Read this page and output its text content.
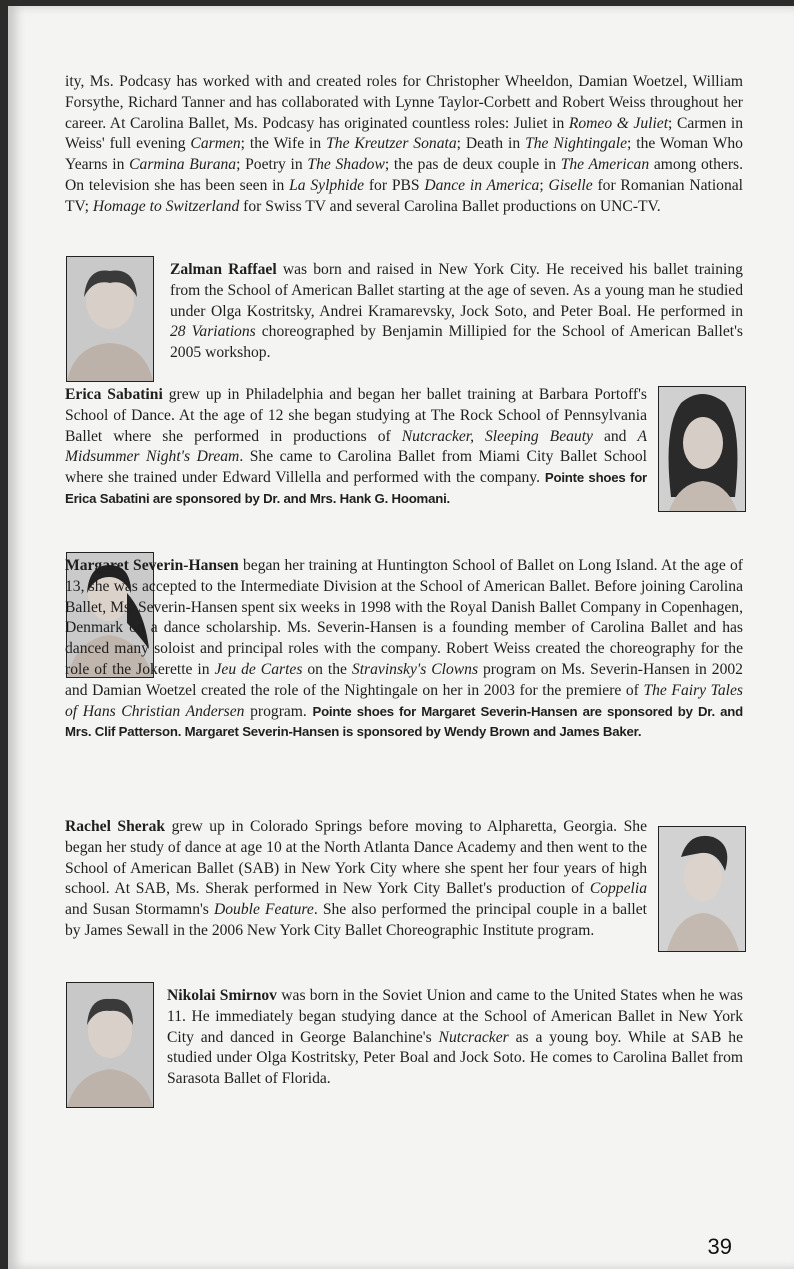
ity, Ms. Podcasy has worked with and created roles for Christopher Wheeldon, Damian Woetzel, William Forsythe, Richard Tanner and has collaborated with Lynne Taylor-Corbett and Robert Weiss throughout her career. At Carolina Ballet, Ms. Podcasy has originated countless roles: Juliet in Romeo & Juliet; Carmen in Weiss' full evening Carmen; the Wife in The Kreutzer Sonata; Death in The Nightingale; the Woman Who Yearns in Carmina Burana; Poetry in The Shadow; the pas de deux couple in The American among others. On television she has been seen in La Sylphide for PBS Dance in America; Giselle for Romanian National TV; Homage to Switzerland for Swiss TV and several Carolina Ballet productions on UNC-TV.

Zalman Raffael was born and raised in New York City. He received his ballet training from the School of American Ballet starting at the age of seven. As a young man he studied under Olga Kostritsky, Andrei Kramarevsky, Jock Soto, and Peter Boal. He performed in 28 Variations choreographed by Benjamin Millipied for the School of American Ballet's 2005 workshop.

Erica Sabatini grew up in Philadelphia and began her ballet training at Barbara Portoff's School of Dance. At the age of 12 she began studying at The Rock School of Pennsylvania Ballet where she performed in productions of Nutcracker, Sleeping Beauty and A Midsummer Night's Dream. She came to Carolina Ballet from Miami City Ballet School where she trained under Edward Villella and performed with the company. Pointe shoes for Erica Sabatini are sponsored by Dr. and Mrs. Hank G. Hoomani.

Margaret Severin-Hansen began her training at Huntington School of Ballet on Long Island. At the age of 13, she was accepted to the Intermediate Division at the School of American Ballet. Before joining Carolina Ballet, Ms. Severin-Hansen spent six weeks in 1998 with the Royal Danish Ballet Company in Copenhagen, Denmark on a dance scholarship. Ms. Severin-Hansen is a founding member of Carolina Ballet and has danced many soloist and principal roles with the company. Robert Weiss created the choreography for the role of the Jokerette in Jeu de Cartes on the Stravinsky's Clowns program on Ms. Severin-Hansen in 2002 and Damian Woetzel created the role of the Nightingale on her in 2003 for the premiere of The Fairy Tales of Hans Christian Andersen program. Pointe shoes for Margaret Severin-Hansen are sponsored by Dr. and Mrs. Clif Patterson. Margaret Severin-Hansen is sponsored by Wendy Brown and James Baker.

Rachel Sherak grew up in Colorado Springs before moving to Alpharetta, Georgia. She began her study of dance at age 10 at the North Atlanta Dance Academy and then went to the School of American Ballet (SAB) in New York City where she spent her four years of high school. At SAB, Ms. Sherak performed in New York City Ballet's production of Coppelia and Susan Stormamn's Double Feature. She also performed the principal couple in a ballet by James Sewall in the 2006 New York City Ballet Choreographic Institute program.

Nikolai Smirnov was born in the Soviet Union and came to the United States when he was 11. He immediately began studying dance at the School of American Ballet in New York City and danced in George Balanchine's Nutcracker as a young boy. While at SAB he studied under Olga Kostritsky, Peter Boal and Jock Soto. He comes to Carolina Ballet from Sarasota Ballet of Florida.

39
